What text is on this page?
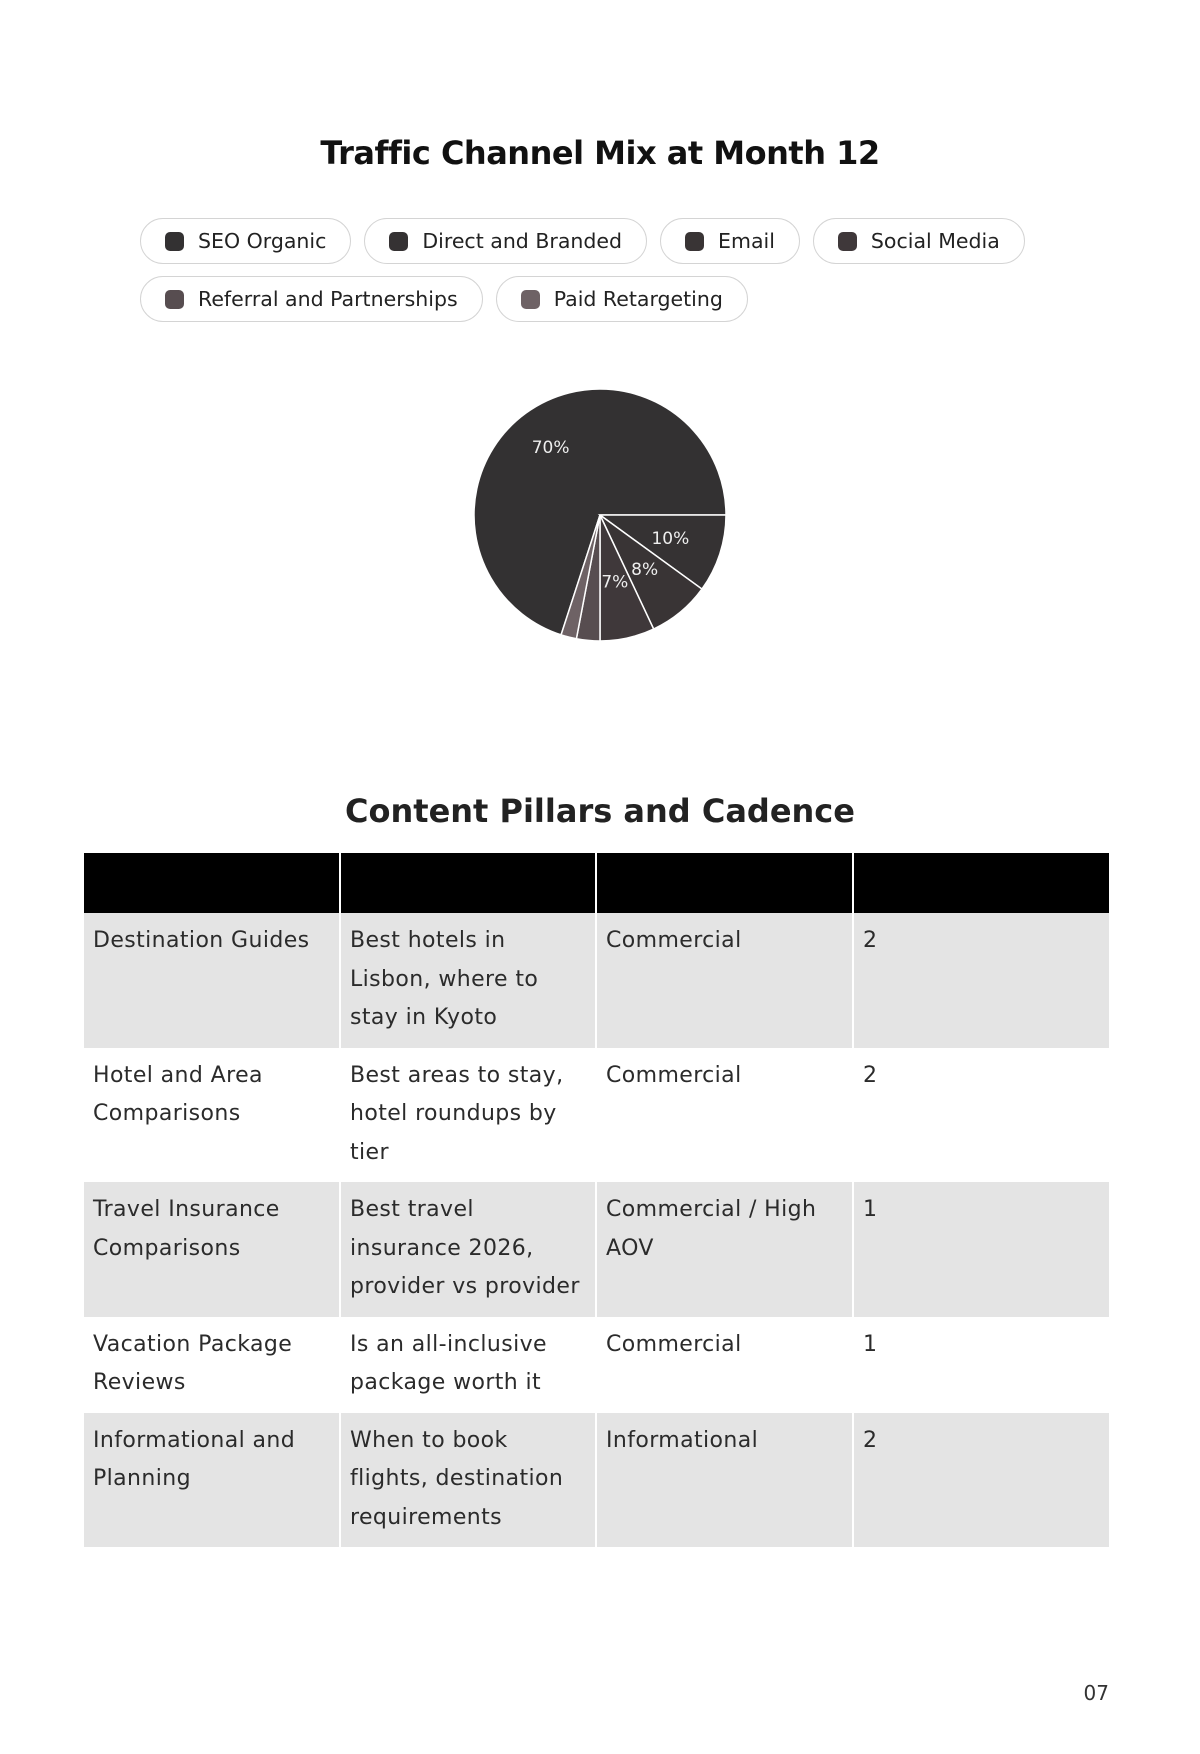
Traffic Channel Mix at Month 12
SEO Organic	Direct and Branded	Email	Social Media
Referral and Partnerships	Paid Retargeting
70%
10%
8%
7%
Content Pillars and Cadence

Destination Guides	Best hotels in Lisbon, where to stay in Kyoto	Commercial	2
Hotel and Area Comparisons	Best areas to stay, hotel roundups by tier	Commercial	2
Travel Insurance Comparisons	Best travel insurance 2026, provider vs provider	Commercial / High AOV	1
Vacation Package Reviews	Is an all-inclusive package worth it	Commercial	1
Informational and Planning	When to book flights, destination requirements	Informational	2
07
